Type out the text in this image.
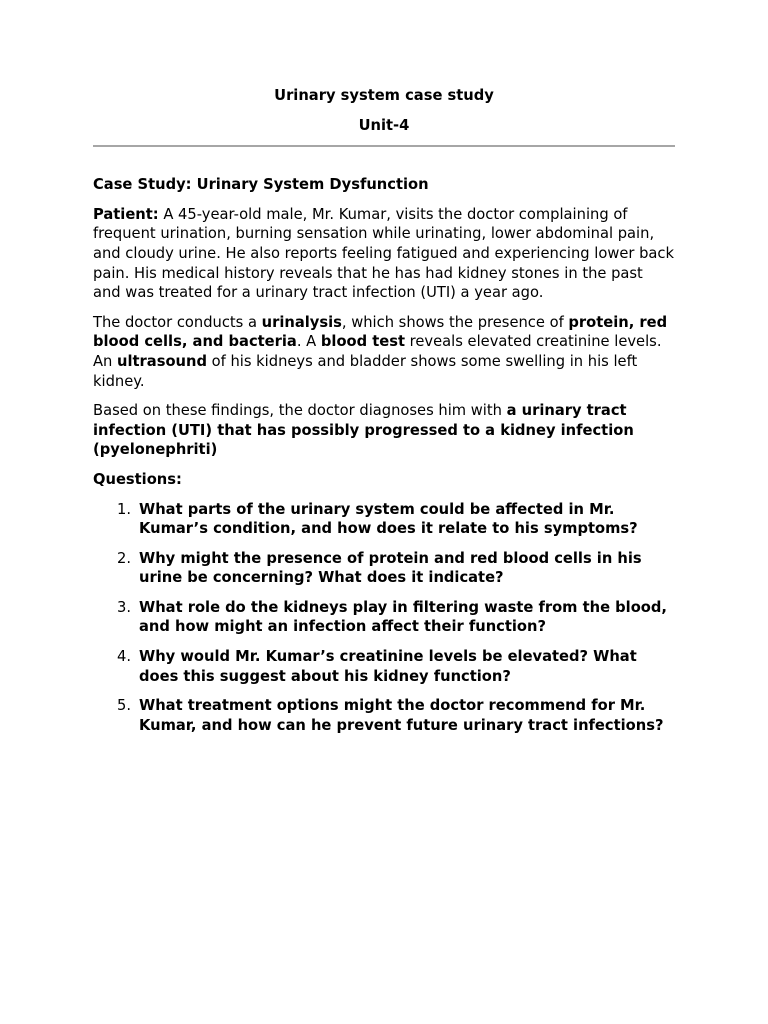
Urinary system case study

Unit-4

Case Study: Urinary System Dysfunction

Patient: A 45-year-old male, Mr. Kumar, visits the doctor complaining of frequent urination, burning sensation while urinating, lower abdominal pain, and cloudy urine. He also reports feeling fatigued and experiencing lower back pain. His medical history reveals that he has had kidney stones in the past and was treated for a urinary tract infection (UTI) a year ago.

The doctor conducts a urinalysis, which shows the presence of protein, red blood cells, and bacteria. A blood test reveals elevated creatinine levels. An ultrasound of his kidneys and bladder shows some swelling in his left kidney.

Based on these findings, the doctor diagnoses him with a urinary tract infection (UTI) that has possibly progressed to a kidney infection (pyelonephriti)

Questions:

1. What parts of the urinary system could be affected in Mr. Kumar’s condition, and how does it relate to his symptoms?
2. Why might the presence of protein and red blood cells in his urine be concerning? What does it indicate?
3. What role do the kidneys play in filtering waste from the blood, and how might an infection affect their function?
4. Why would Mr. Kumar’s creatinine levels be elevated? What does this suggest about his kidney function?
5. What treatment options might the doctor recommend for Mr. Kumar, and how can he prevent future urinary tract infections?
